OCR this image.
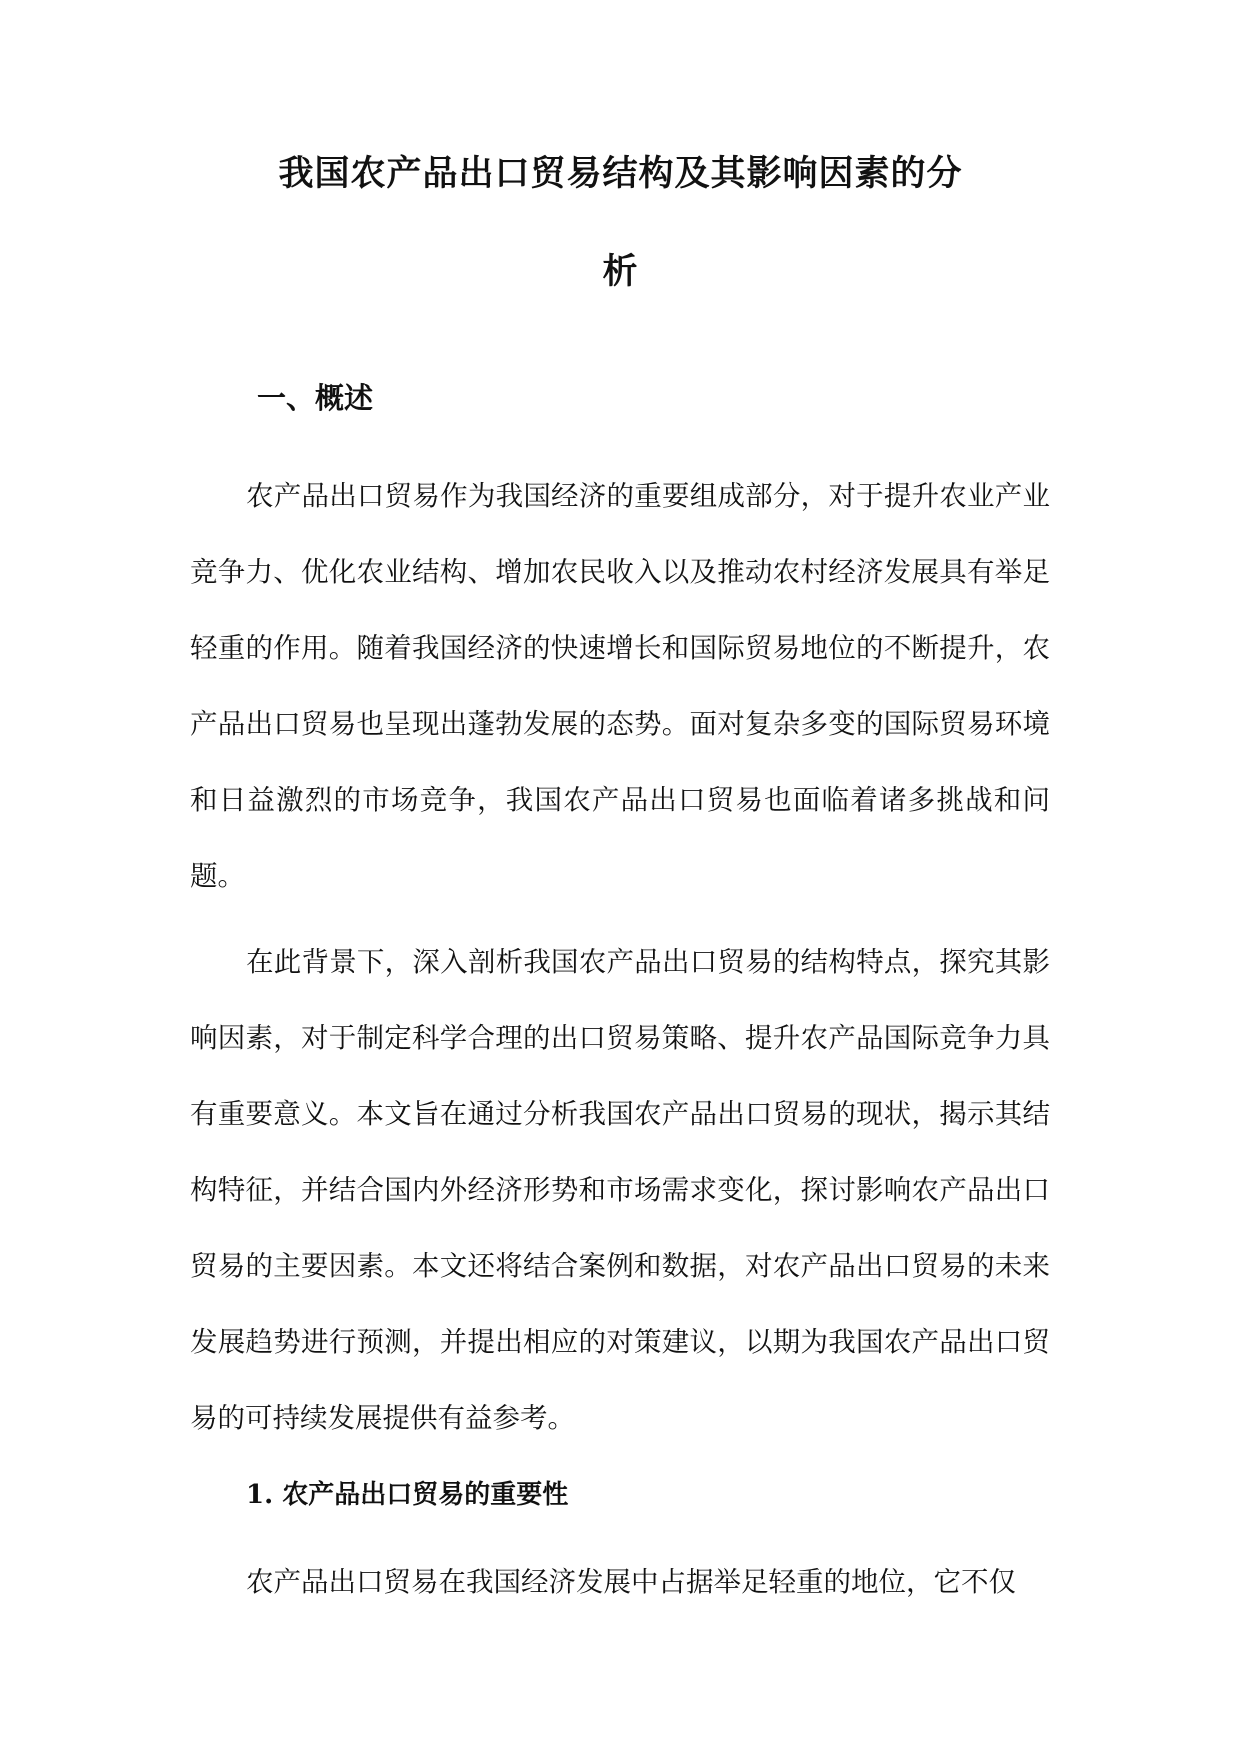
我国农产品出口贸易结构及其影响因素的分
析
一、概述
农产品出口贸易作为我国经济的重要组成部分，对于提升农业产业竞争力、优化农业结构、增加农民收入以及推动农村经济发展具有举足轻重的作用。随着我国经济的快速增长和国际贸易地位的不断提升，农产品出口贸易也呈现出蓬勃发展的态势。面对复杂多变的国际贸易环境和日益激烈的市场竞争，我国农产品出口贸易也面临着诸多挑战和问题。
在此背景下，深入剖析我国农产品出口贸易的结构特点，探究其影响因素，对于制定科学合理的出口贸易策略、提升农产品国际竞争力具有重要意义。本文旨在通过分析我国农产品出口贸易的现状，揭示其结构特征，并结合国内外经济形势和市场需求变化，探讨影响农产品出口贸易的主要因素。本文还将结合案例和数据，对农产品出口贸易的未来发展趋势进行预测，并提出相应的对策建议，以期为我国农产品出口贸易的可持续发展提供有益参考。
1. 农产品出口贸易的重要性
农产品出口贸易在我国经济发展中占据举足轻重的地位，它不仅
